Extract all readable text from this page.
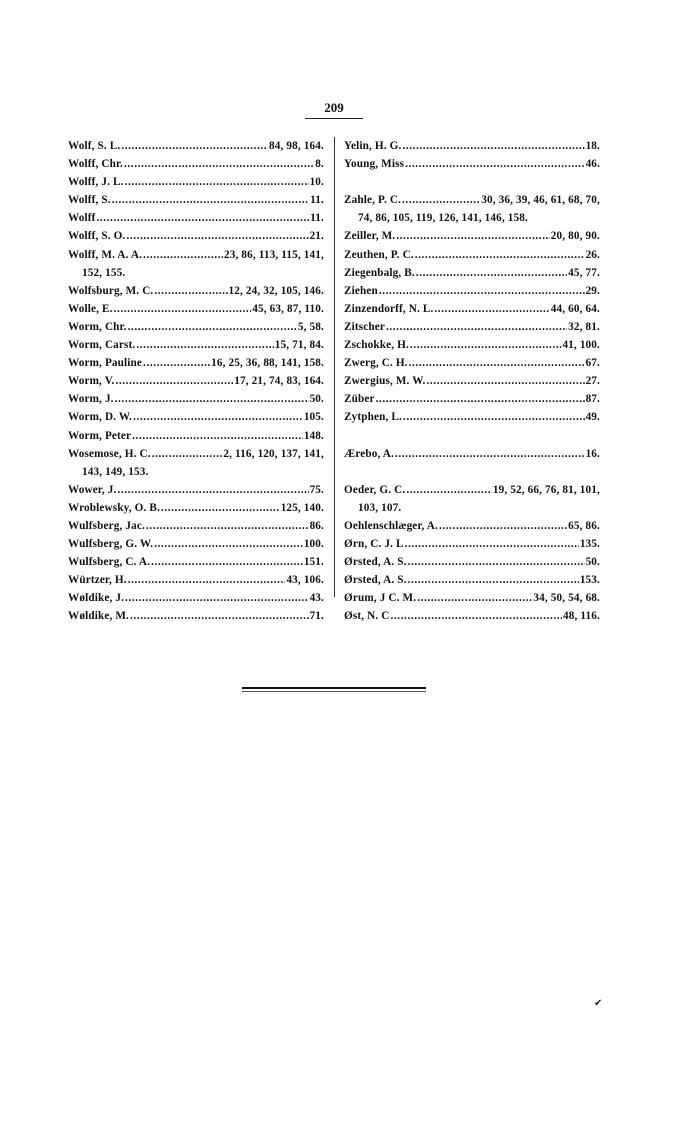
209
Wolf, S. L. . . .	84, 98, 164.
Wolff, Chr. . . .	8.
Wolff, J. L. . . .	10.
Wolff, S. . . .	11.
Wolff . . .	11.
Wolff, S. O. . . .	21.
Wolff, M. A. A. . . .	23, 86, 113, 115, 141,
152, 155.
Wolfsburg, M. C. . . .	12, 24, 32, 105, 146.
Wolle, E. . . .	45, 63, 87, 110.
Worm, Chr. . . .	5, 58.
Worm, Carst. . . .	15, 71, 84.
Worm, Pauline . . .	16, 25, 36, 88, 141, 158.
Worm, V. . . .	17, 21, 74, 83, 164.
Worm, J. . . .	50.
Worm, D. W. . . .	105.
Worm, Peter . . .	148.
Wosemose, H. C. . . .	2, 116, 120, 137, 141,
143, 149, 153.
Wower, J. . . .	75.
Wroblewsky, O. B. . . .	125, 140.
Wulfsberg, Jac. . . .	86.
Wulfsberg, G. W. . . .	100.
Wulfsberg, C. A. . . .	151.
Würtzer, H. . . .	43, 106.
Wøldike, J. . . .	43.
Wøldike, M. . . .	71.
Yelin, H. G. . . .	18.
Young, Miss . . .	46.
Zahle, P. C. . . .	30, 36, 39, 46, 61, 68, 70,
74, 86, 105, 119, 126, 141, 146, 158.
Zeiller, M. . . .	20, 80, 90.
Zeuthen, P. C. . . .	26.
Ziegenbalg, B. . . .	45, 77.
Ziehen . . .	29.
Zinzendorff, N. L. . . .	44, 60, 64.
Zitscher . . .	32, 81.
Zschokke, H. . . .	41, 100.
Zwerg, C. H. . . .	67.
Zwergius, M. W. . . .	27.
Züber . . .	87.
Zytphen, L. . . .	49.
Ærebo, A. . . .	16.
Oeder, G. C. . . .	19, 52, 66, 76, 81, 101,
103, 107.
Oehlenschlæger, A. . . .	65, 86.
Ørn, C. J. L . . .	135.
Ørsted, A. S. . . .	50.
Ørsted, A. S. . . .	153.
Ørum, J C. M. . . .	34, 50, 54, 68.
Øst, N. C . . .	48, 116.
✔
